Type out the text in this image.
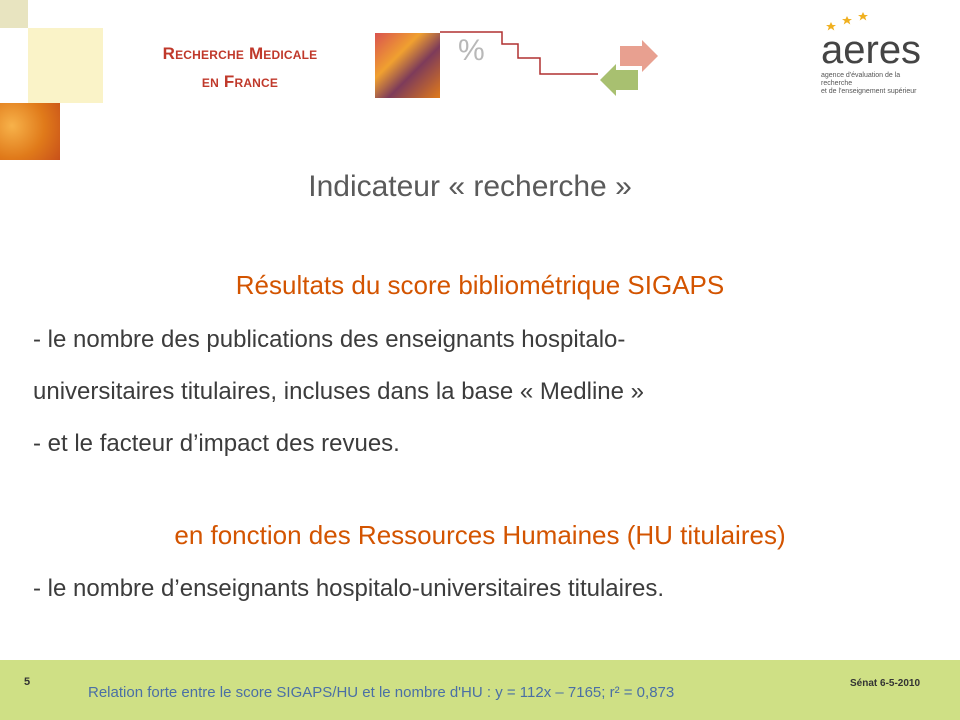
Recherche Medicale
en France
%	aeres
agence d'évaluation de la recherche
et de l'enseignement supérieur
Indicateur « recherche »
Résultats du score bibliométrique SIGAPS
- le nombre des publications des enseignants hospitalo-
universitaires titulaires, incluses dans la base « Medline »
- et le facteur d’impact des revues.
en fonction des Ressources Humaines (HU titulaires)
- le nombre d’enseignants hospitalo-universitaires titulaires.
5	Sénat 6-5-2010
Relation forte entre le score SIGAPS/HU et le nombre d'HU : y = 112x – 7165; r² = 0,873
